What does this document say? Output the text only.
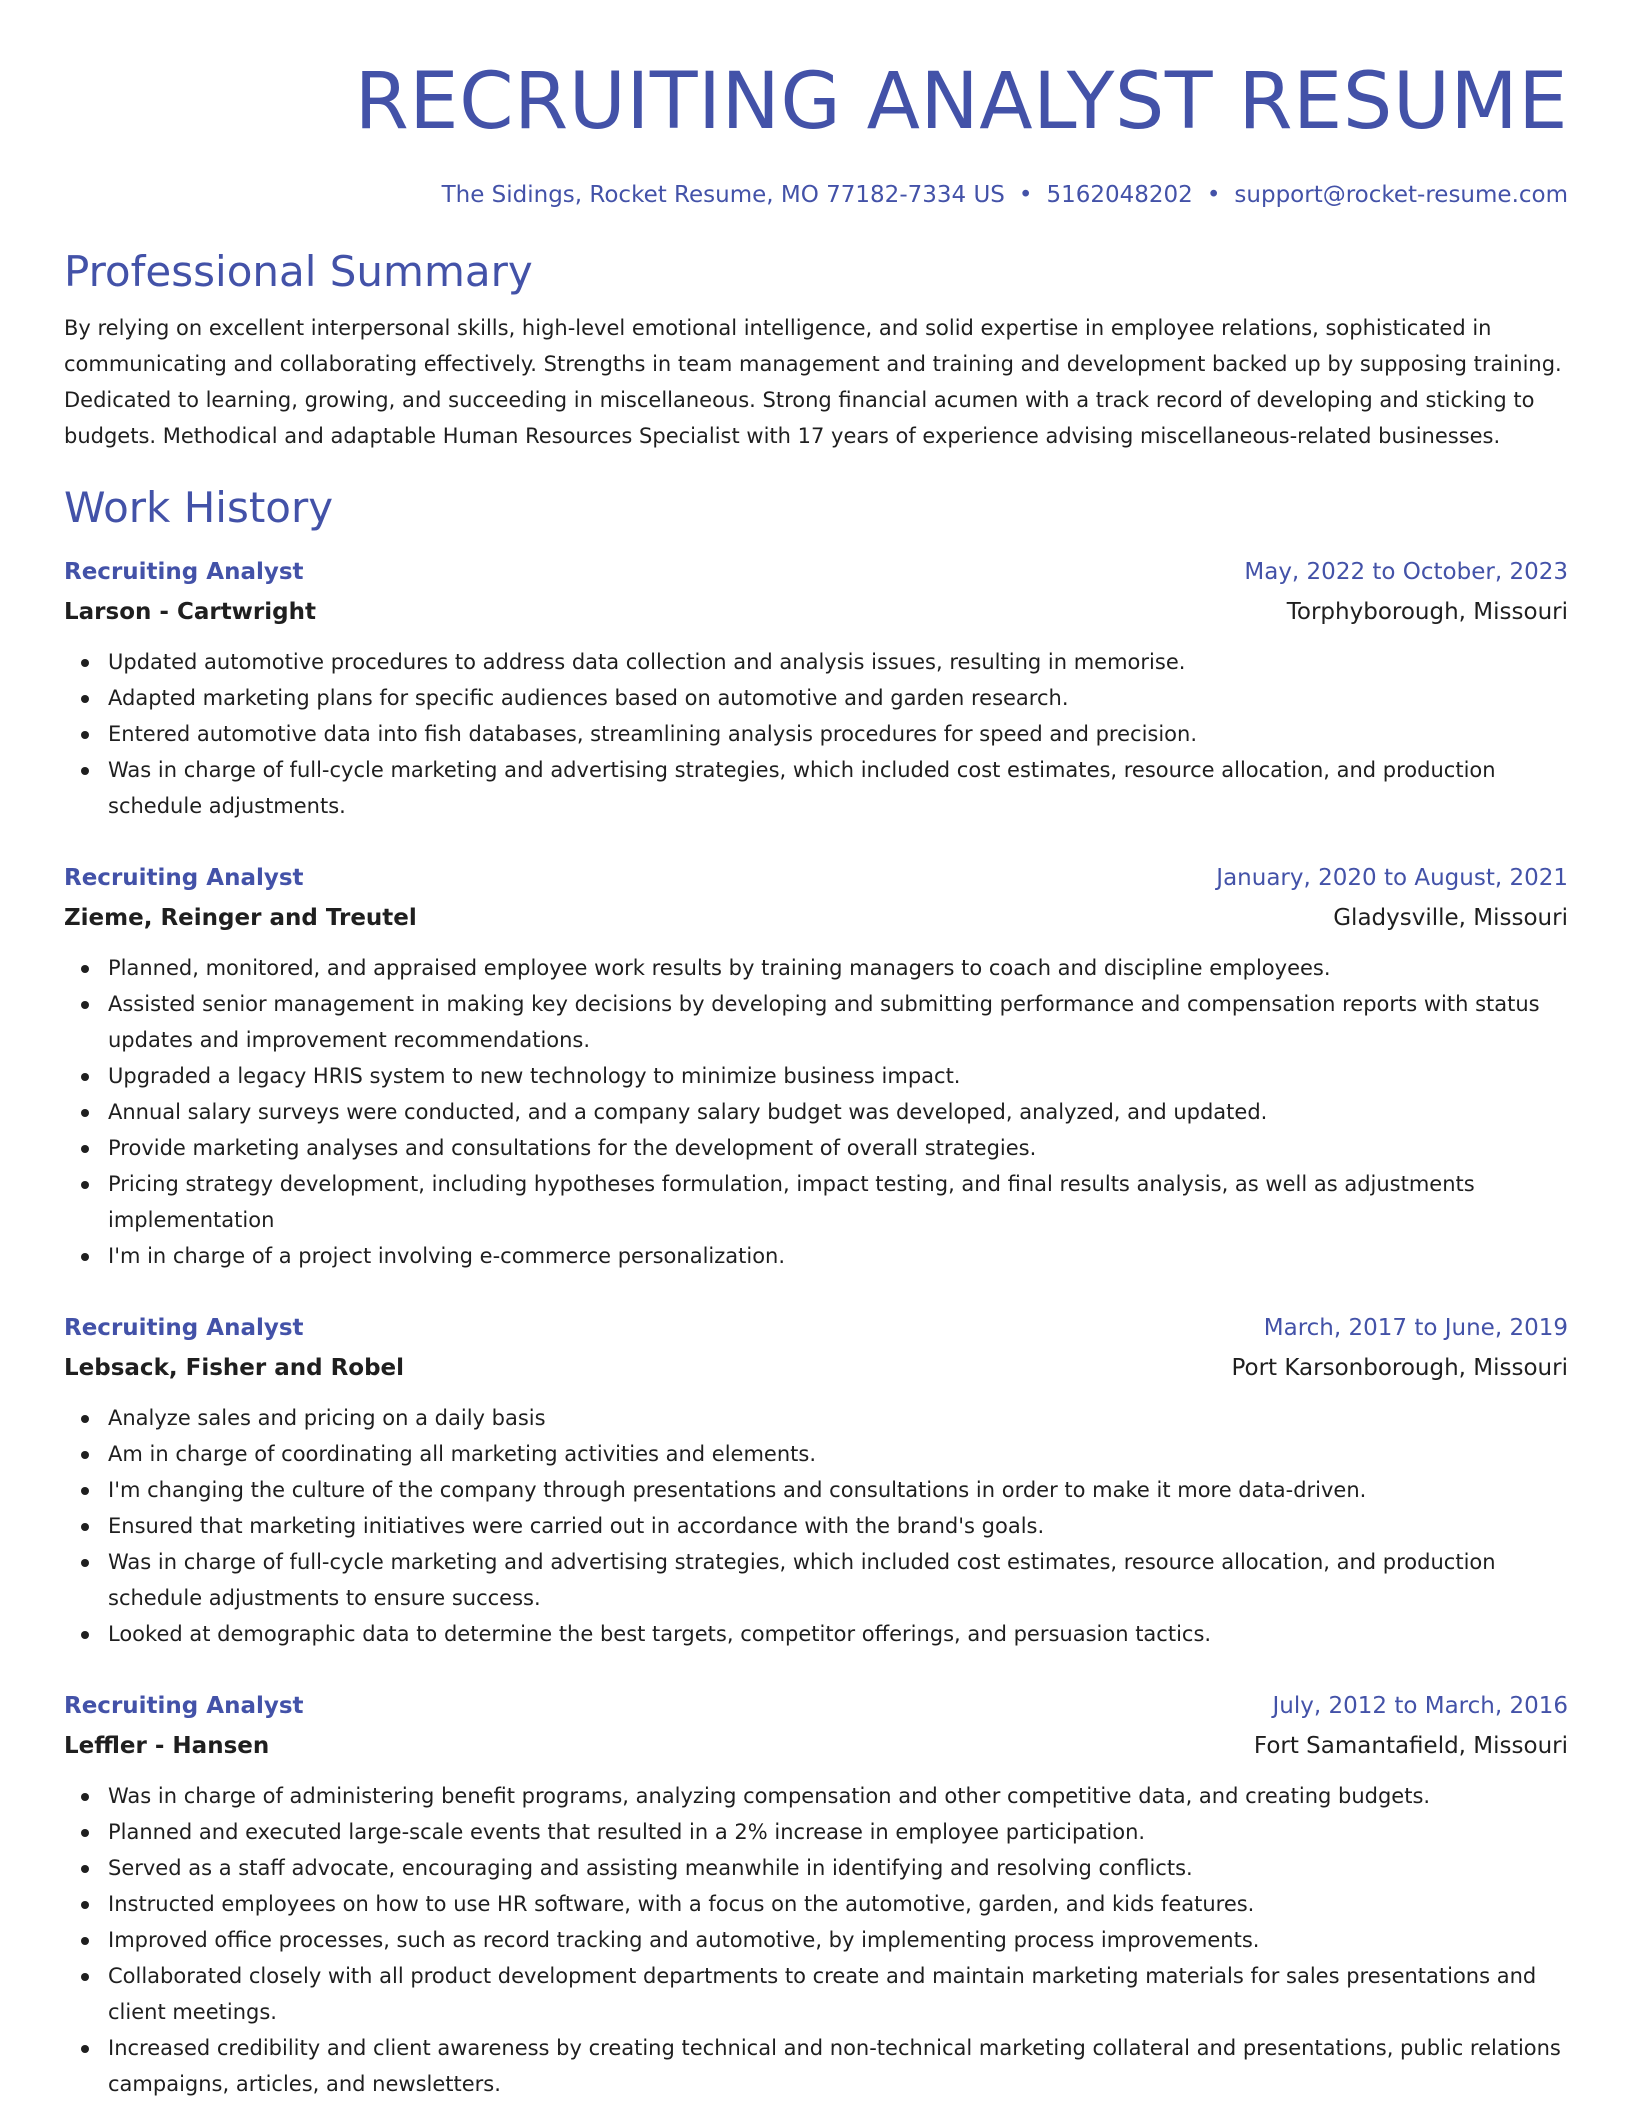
RECRUITING ANALYST RESUME
The Sidings, Rocket Resume, MO 77182-7334 US • 5162048202 • support@rocket-resume.com
Professional Summary
By relying on excellent interpersonal skills, high-level emotional intelligence, and solid expertise in employee relations, sophisticated in communicating and collaborating effectively. Strengths in team management and training and development backed up by supposing training. Dedicated to learning, growing, and succeeding in miscellaneous. Strong financial acumen with a track record of developing and sticking to budgets. Methodical and adaptable Human Resources Specialist with 17 years of experience advising miscellaneous-related businesses.
Work History
Recruiting Analyst	May, 2022 to October, 2023
Larson - Cartwright	Torphyborough, Missouri
Updated automotive procedures to address data collection and analysis issues, resulting in memorise.
Adapted marketing plans for specific audiences based on automotive and garden research.
Entered automotive data into fish databases, streamlining analysis procedures for speed and precision.
Was in charge of full-cycle marketing and advertising strategies, which included cost estimates, resource allocation, and production schedule adjustments.
Recruiting Analyst	January, 2020 to August, 2021
Zieme, Reinger and Treutel	Gladysville, Missouri
Planned, monitored, and appraised employee work results by training managers to coach and discipline employees.
Assisted senior management in making key decisions by developing and submitting performance and compensation reports with status updates and improvement recommendations.
Upgraded a legacy HRIS system to new technology to minimize business impact.
Annual salary surveys were conducted, and a company salary budget was developed, analyzed, and updated.
Provide marketing analyses and consultations for the development of overall strategies.
Pricing strategy development, including hypotheses formulation, impact testing, and final results analysis, as well as adjustments implementation
I'm in charge of a project involving e-commerce personalization.
Recruiting Analyst	March, 2017 to June, 2019
Lebsack, Fisher and Robel	Port Karsonborough, Missouri
Analyze sales and pricing on a daily basis
Am in charge of coordinating all marketing activities and elements.
I'm changing the culture of the company through presentations and consultations in order to make it more data-driven.
Ensured that marketing initiatives were carried out in accordance with the brand's goals.
Was in charge of full-cycle marketing and advertising strategies, which included cost estimates, resource allocation, and production schedule adjustments to ensure success.
Looked at demographic data to determine the best targets, competitor offerings, and persuasion tactics.
Recruiting Analyst	July, 2012 to March, 2016
Leffler - Hansen	Fort Samantafield, Missouri
Was in charge of administering benefit programs, analyzing compensation and other competitive data, and creating budgets.
Planned and executed large-scale events that resulted in a 2% increase in employee participation.
Served as a staff advocate, encouraging and assisting meanwhile in identifying and resolving conflicts.
Instructed employees on how to use HR software, with a focus on the automotive, garden, and kids features.
Improved office processes, such as record tracking and automotive, by implementing process improvements.
Collaborated closely with all product development departments to create and maintain marketing materials for sales presentations and client meetings.
Increased credibility and client awareness by creating technical and non-technical marketing collateral and presentations, public relations campaigns, articles, and newsletters.
